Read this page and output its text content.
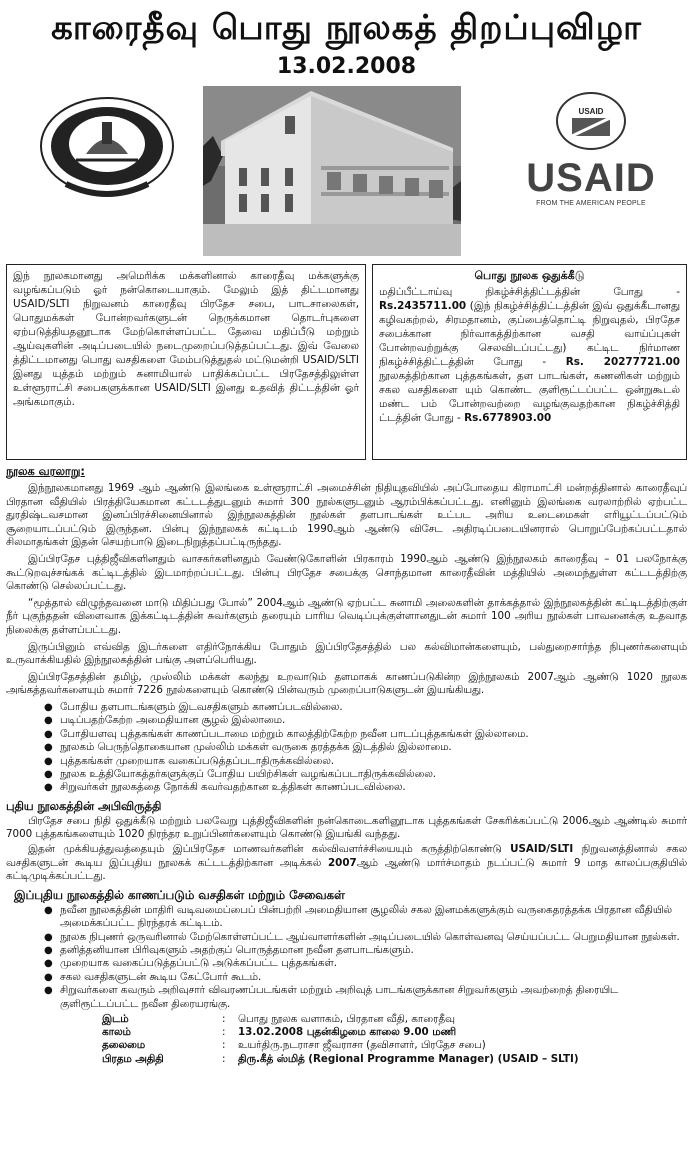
காரைதீவு பொது நூலகத் திறப்புவிழா
13.02.2008
USAID
USAID
FROM THE AMERICAN PEOPLE
இந் நூலகமானது அமெரிக்க மக்களினால் காரைதீவு மக்களுக்கு வழங்கப்படும் ஓர் நன்கொடையாகும். மேலும் இத் திட்டமானது USAID/SLTI நிறுவனம் காரைதீவு பிரதேச சபை, பாடசாலைகள், பொதுமக்கள் போன்றவர்களுடன் நெருக்கமான தொடர்புகளை ஏற்படுத்தியதனூடாக மேற்கொள்ளப்பட்ட தேவை மதிப்பீடு மற்றும் ஆய்வுகளின் அடிப்படையில் நடைமுறைப்படுத்தப்பட்டது. இவ் வேலை த்திட்டமானது பொது வசதிகளை மேம்படுத்துதல் மட்டுமன்றி USAID/SLTI இனது யுத்தம் மற்றும் சுனாமியால் பாதிக்கப்பட்ட பிரதேசத்திலுள்ள உள்ளூராட்சி சபைகளுக்கான USAID/SLTI இனது உதவித் திட்டத்தின் ஓர் அங்கமாகும்.
பொது நூலக ஒதுக்கீடு
மதிப்பீட்டாய்வு நிகழ்ச்சித்திட்டத்தின் போது - Rs.2435711.00 (இந் நிகழ்ச்சித்திட்டத்தின் இவ் ஒதுக்கீடானது கழிவகற்றல், சிரமதானம், குப்பைத்தொட்டி நிறுவுதல், பிரதேச சபைக்கான நிர்வாகத்திற்கான வசதி வாய்ப்புகள் போன்றவற்றுக்கு செலவிடப்பட்டது) கட்டிட நிர்மாண நிகழ்ச்சித்திட்டத்தின் போது - Rs. 20277721.00 நூலகத்திற்கான புத்தகங்கள், தள பாடங்கள், கணனிகள் மற்றும் சகல வசதிகளை யும் கொண்ட குளிரூட்டப்பட்ட ஒன்றுகூடல் மண்ட பம் போன்றவற்றை வழங்குவதற்கான நிகழ்ச்சித்தி ட்டத்தின் போது - Rs.6778903.00
நூலக வரலாறு:

இந்நூலகமானது 1969 ஆம் ஆண்டு இலங்கை உள்ளூராட்சி அமைச்சின் நிதியுதவியில் அப்போதைய கிராமாட்சி மன்றத்தினால் காரைதீவுப் பிரதான வீதியில் பிரத்தியேகமான கட்டடத்துடனும் சுமார் 300 நூல்களுடனும் ஆரம்பிக்கப்பட்டது. எனினும் இலங்கை வரலாற்றில் ஏற்பட்ட துரதிஷ்டவசமான இனப்பிரச்சினையினால் இந்நூலகத்தின் நூல்கள் தளபாடங்கள் உட்பட அரிய உடைமைகள் எரியூட்டப்பட்டும் சூறையாடப்பட்டும் இருந்தன. பின்பு இந்நூலகக் கட்டிடம் 1990ஆம் ஆண்டு விசேட அதிரடிப்படையினரால் பொறுப்பேற்கப்பட்டதால் சிலமாதங்கள் இதன் செயற்பாடு இடைநிறுத்தப்பட்டிருந்தது.

இப்பிரதேச புத்திஜீவிகளினதும் வாசகர்களினதும் வேண்டுகோளின் பிரகாரம் 1990ஆம் ஆண்டு இந்நூலகம் காரைதீவு – 01 பலநோக்கு கூட்டுறவுச்சங்கக் கட்டிடத்தில் இடமாற்றப்பட்டது. பின்பு பிரதேச சபைக்கு சொந்தமான காரைதீவின் மத்தியில் அமைந்துள்ள கட்டடத்திற்கு கொண்டு செல்லப்பட்டது.

“மூத்தால் விழுந்தவனை மாடு மிதிப்பது போல்” 2004ஆம் ஆண்டு ஏற்பட்ட சுனாமி அலைகளின் தாக்கத்தால் இந்நூலகத்தின் கட்டிடத்திற்குள் நீர் புகுந்ததன் விளைவாக இக்கட்டிடத்தின் சுவர்களும் தரையும் பாரிய வெடிப்புக்குள்ளானதுடன் சுமார் 100 அரிய நூல்கள் பாவனைக்கு உதவாத நிலைக்கு தள்ளப்பட்டது.

இருப்பினும் எவ்வித இடர்களை எதிர்நோக்கிய போதும் இப்பிரதேசத்தில் பல கல்விமான்களையும், பல்துறைசார்ந்த நிபுணர்களையும் உருவாக்கியதில் இந்நூலகத்தின் பங்கு அளப்பெரியது.

இப்பிரதேசத்தின் தமிழ், முஸ்லிம் மக்கள் கலந்து உறவாடும் தளமாகக் காணப்படுகின்ற இந்நூலகம் 2007ஆம் ஆண்டு 1020 நூலக அங்கத்தவர்களையும் சுமார் 7226 நூல்களையும் கொண்டு பின்வரும் முறைப்பாடுகளுடன் இயங்கியது.

● போதிய தளபாடங்களும் இடவசதிகளும் காணப்படவில்லை.
● படிப்பதற்கேற்ற அமைதியான சூழல் இல்லாமை.
● போதியளவு புத்தகங்கள் காணப்படாமை மற்றும் காலத்திற்கேற்ற நவீன பாடப்புத்தகங்கள் இல்லாமை.
● நூலகம் பெருந்தொகையான முஸ்லிம் மக்கள் வருகை தரத்தக்க இடத்தில் இல்லாமை.
● புத்தகங்கள் முறையாக வகைப்படுத்தப்படாதிருக்கவில்லை.
● நூலக உத்தியோகத்தர்களுக்குப் போதிய பயிற்சிகள் வழங்கப்படாதிருக்கவில்லை.
● சிறுவர்கள் நூலகத்தை நோக்கி கவர்வதற்கான உத்திகள் காணப்படவில்லை.
புதிய நூலகத்தின் அபிவிருத்தி

பிரதேச சபை நிதி ஒதுக்கீடு மற்றும் பலவேறு புத்திஜீவிகளின் நன்கொடைகளினூடாக புத்தகங்கள் சேகரிக்கப்பட்டு 2006ஆம் ஆண்டில் சுமார் 7000 புத்தகங்களையும் 1020 நிரந்தர உறுப்பினர்களையும் கொண்டு இயங்கி வந்தது.

இதன் முக்கியத்துவத்தையும் இப்பிரதேச மாணவர்களின் கல்விவளர்ச்சியையும் கருத்திற்கொண்டு USAID/SLTI நிறுவனத்தினால் சகல வசதிகளுடன் கூடிய இப்புதிய நூலகக் கட்டடத்திற்கான அடிக்கல் 2007ஆம் ஆண்டு மார்ச்மாதம் நடப்பட்டு சுமார் 9 மாத காலப்பகுதியில் கட்டிமுடிக்கப்பட்டது.

இப்புதிய நூலகத்தில் காணப்படும் வசதிகள் மற்றும் சேவைகள்
● நவீன நூலகத்தின் மாதிரி வடிவமைப்பைப் பின்பற்றி அமைதியான சூழலில் சகல இனமக்களுக்கும் வருகைதரத்தக்க பிரதான வீதியில் அமைக்கப்பட்ட நிரந்தரக் கட்டிடம்.
● நூலக நிபுணர் ஒருவரினால் மேற்கொள்ளப்பட்ட ஆய்வாளர்களின் அடிப்படையில் கொள்வனவு செய்யப்பட்ட பெறுமதியான நூல்கள்.
● தனித்தனியான பிரிவுகளும் அதற்குப் பொருத்தமான நவீன தளபாடங்களும்.
● முறையாக வகைப்படுத்தப்பட்டு அடுக்கப்பட்ட புத்தகங்கள்.
● சகல வசதிகளுடன் கூடிய கேட்போர் கூடம்.
● சிறுவர்களை கவரும் அறிவுசார் விவரணப்படங்கள் மற்றும் அறிவுத் பாடங்களுக்கான சிறுவர்களும் அவற்றைத் திரையிட குளிரூட்டப்பட்ட நவீன திரையரங்கு.
இடம்	:	பொது நூலக வளாகம், பிரதான வீதி, காரைதீவு
காலம்	:	13.02.2008 புதன்கிழமை காலை 9.00 மணி
தலைமை	:	உயர்திரு.நடராசா ஜீவராசா (தவிசாளர், பிரதேச சபை)
பிரதம அதிதி	:	திரு.கீத் ஸ்மித் (Regional Programme Manager) (USAID – SLTI)
